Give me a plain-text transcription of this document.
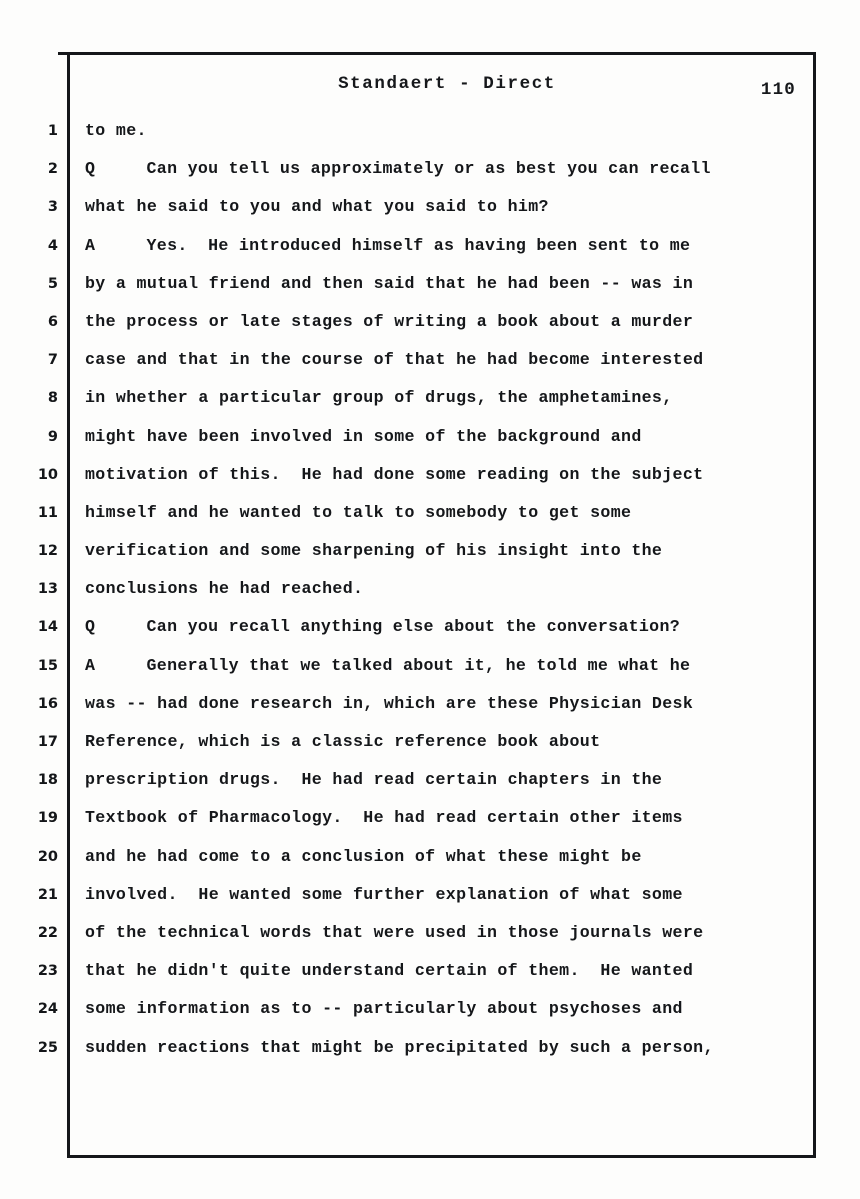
Standaert - Direct	110
1 to me.
2 Q     Can you tell us approximately or as best you can recall
3 what he said to you and what you said to him?
4 A     Yes.  He introduced himself as having been sent to me
5 by a mutual friend and then said that he had been -- was in
6 the process or late stages of writing a book about a murder
7 case and that in the course of that he had become interested
8 in whether a particular group of drugs, the amphetamines,
9 might have been involved in some of the background and
10 motivation of this.  He had done some reading on the subject
11 himself and he wanted to talk to somebody to get some
12 verification and some sharpening of his insight into the
13 conclusions he had reached.
14 Q     Can you recall anything else about the conversation?
15 A     Generally that we talked about it, he told me what he
16 was -- had done research in, which are these Physician Desk
17 Reference, which is a classic reference book about
18 prescription drugs.  He had read certain chapters in the
19 Textbook of Pharmacology.  He had read certain other items
20 and he had come to a conclusion of what these might be
21 involved.  He wanted some further explanation of what some
22 of the technical words that were used in those journals were
23 that he didn't quite understand certain of them.  He wanted
24 some information as to -- particularly about psychoses and
25 sudden reactions that might be precipitated by such a person,
